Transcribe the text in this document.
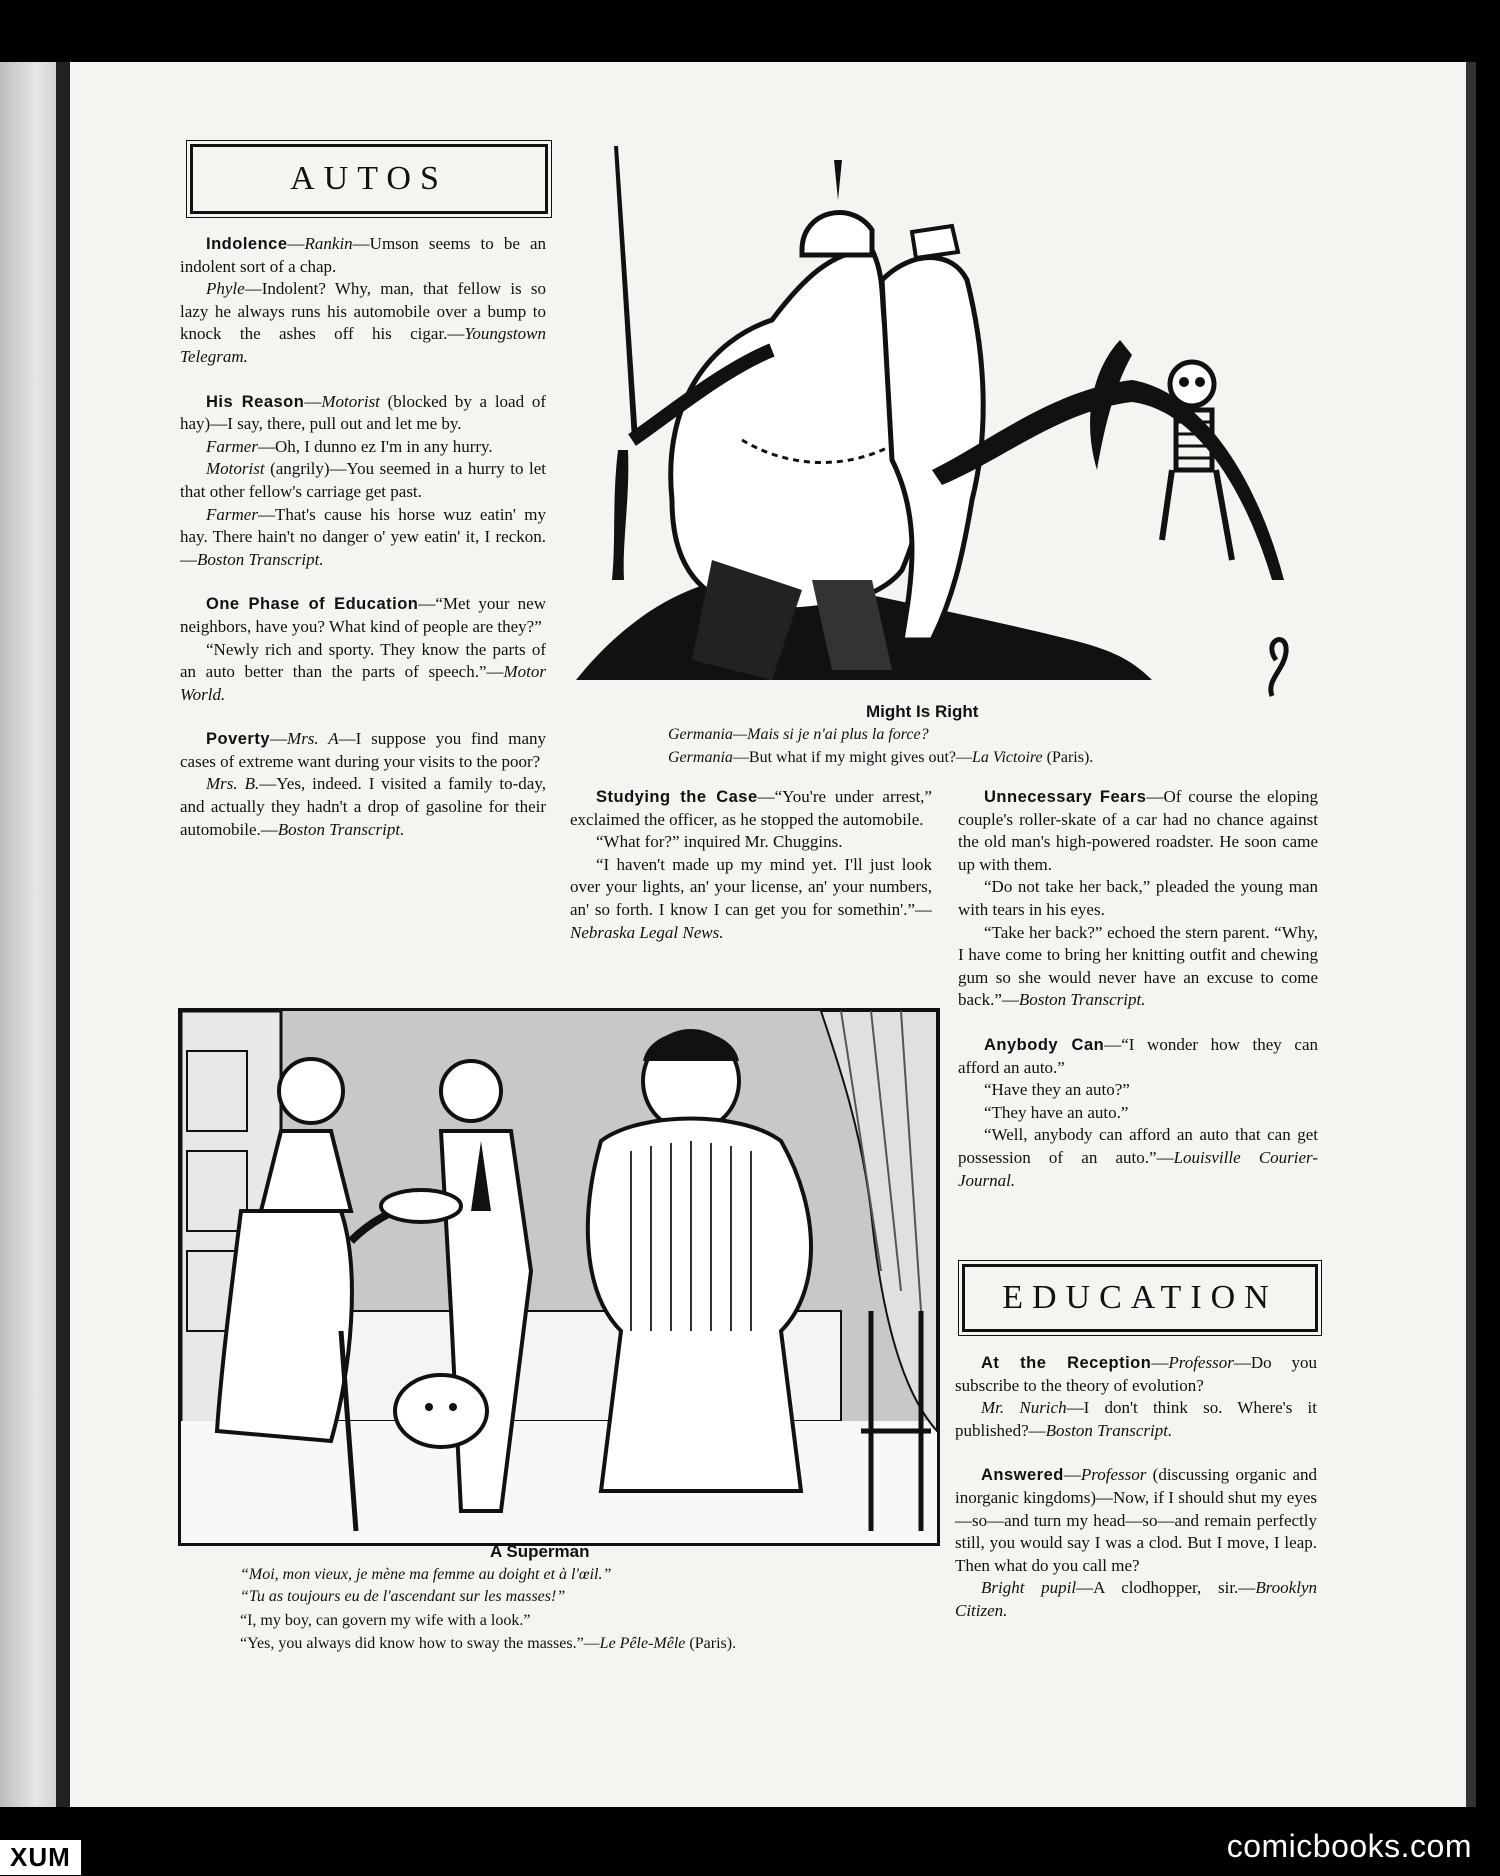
AUTOS

Indolence—Rankin—Umson seems to be an indolent sort of a chap.

Phyle—Indolent? Why, man, that fellow is so lazy he always runs his automobile over a bump to knock the ashes off his cigar.—Youngstown Telegram.

His Reason—Motorist (blocked by a load of hay)—I say, there, pull out and let me by.

Farmer—Oh, I dunno ez I'm in any hurry.

Motorist (angrily)—You seemed in a hurry to let that other fellow's carriage get past.

Farmer—That's cause his horse wuz eatin' my hay. There hain't no danger o' yew eatin' it, I reckon.—Boston Transcript.

One Phase of Education—“Met your new neighbors, have you? What kind of people are they?”

“Newly rich and sporty. They know the parts of an auto better than the parts of speech.”—Motor World.

Poverty—Mrs. A—I suppose you find many cases of extreme want during your visits to the poor?

Mrs. B.—Yes, indeed. I visited a family to-day, and actually they hadn't a drop of gasoline for their automobile.—Boston Transcript.

Might Is Right
Germania—Mais si je n'ai plus la force?
Germania—But what if my might gives out?—La Victoire (Paris).

Studying the Case—“You're under arrest,” exclaimed the officer, as he stopped the automobile.

“What for?” inquired Mr. Chuggins.

“I haven't made up my mind yet. I'll just look over your lights, an' your license, an' your numbers, an' so forth. I know I can get you for somethin'.”—Nebraska Legal News.

Unnecessary Fears—Of course the eloping couple's roller-skate of a car had no chance against the old man's high-powered roadster. He soon came up with them.

“Do not take her back,” pleaded the young man with tears in his eyes.

“Take her back?” echoed the stern parent. “Why, I have come to bring her knitting outfit and chewing gum so she would never have an excuse to come back.”—Boston Transcript.

Anybody Can—“I wonder how they can afford an auto.”

“Have they an auto?”

“They have an auto.”

“Well, anybody can afford an auto that can get possession of an auto.”—Louisville Courier-Journal.

EDUCATION

At the Reception—Professor—Do you subscribe to the theory of evolution?

Mr. Nurich—I don't think so. Where's it published?—Boston Transcript.

Answered—Professor (discussing organic and inorganic kingdoms)—Now, if I should shut my eyes—so—and turn my head—so—and remain perfectly still, you would say I was a clod. But I move, I leap. Then what do you call me?

Bright pupil—A clodhopper, sir.—Brooklyn Citizen.

A Superman
“Moi, mon vieux, je mène ma femme au doight et à l'œil.”
“Tu as toujours eu de l'ascendant sur les masses!”
“I, my boy, can govern my wife with a look.”
“Yes, you always did know how to sway the masses.”—Le Pêle-Mêle (Paris).
XUM	comicbooks.com
